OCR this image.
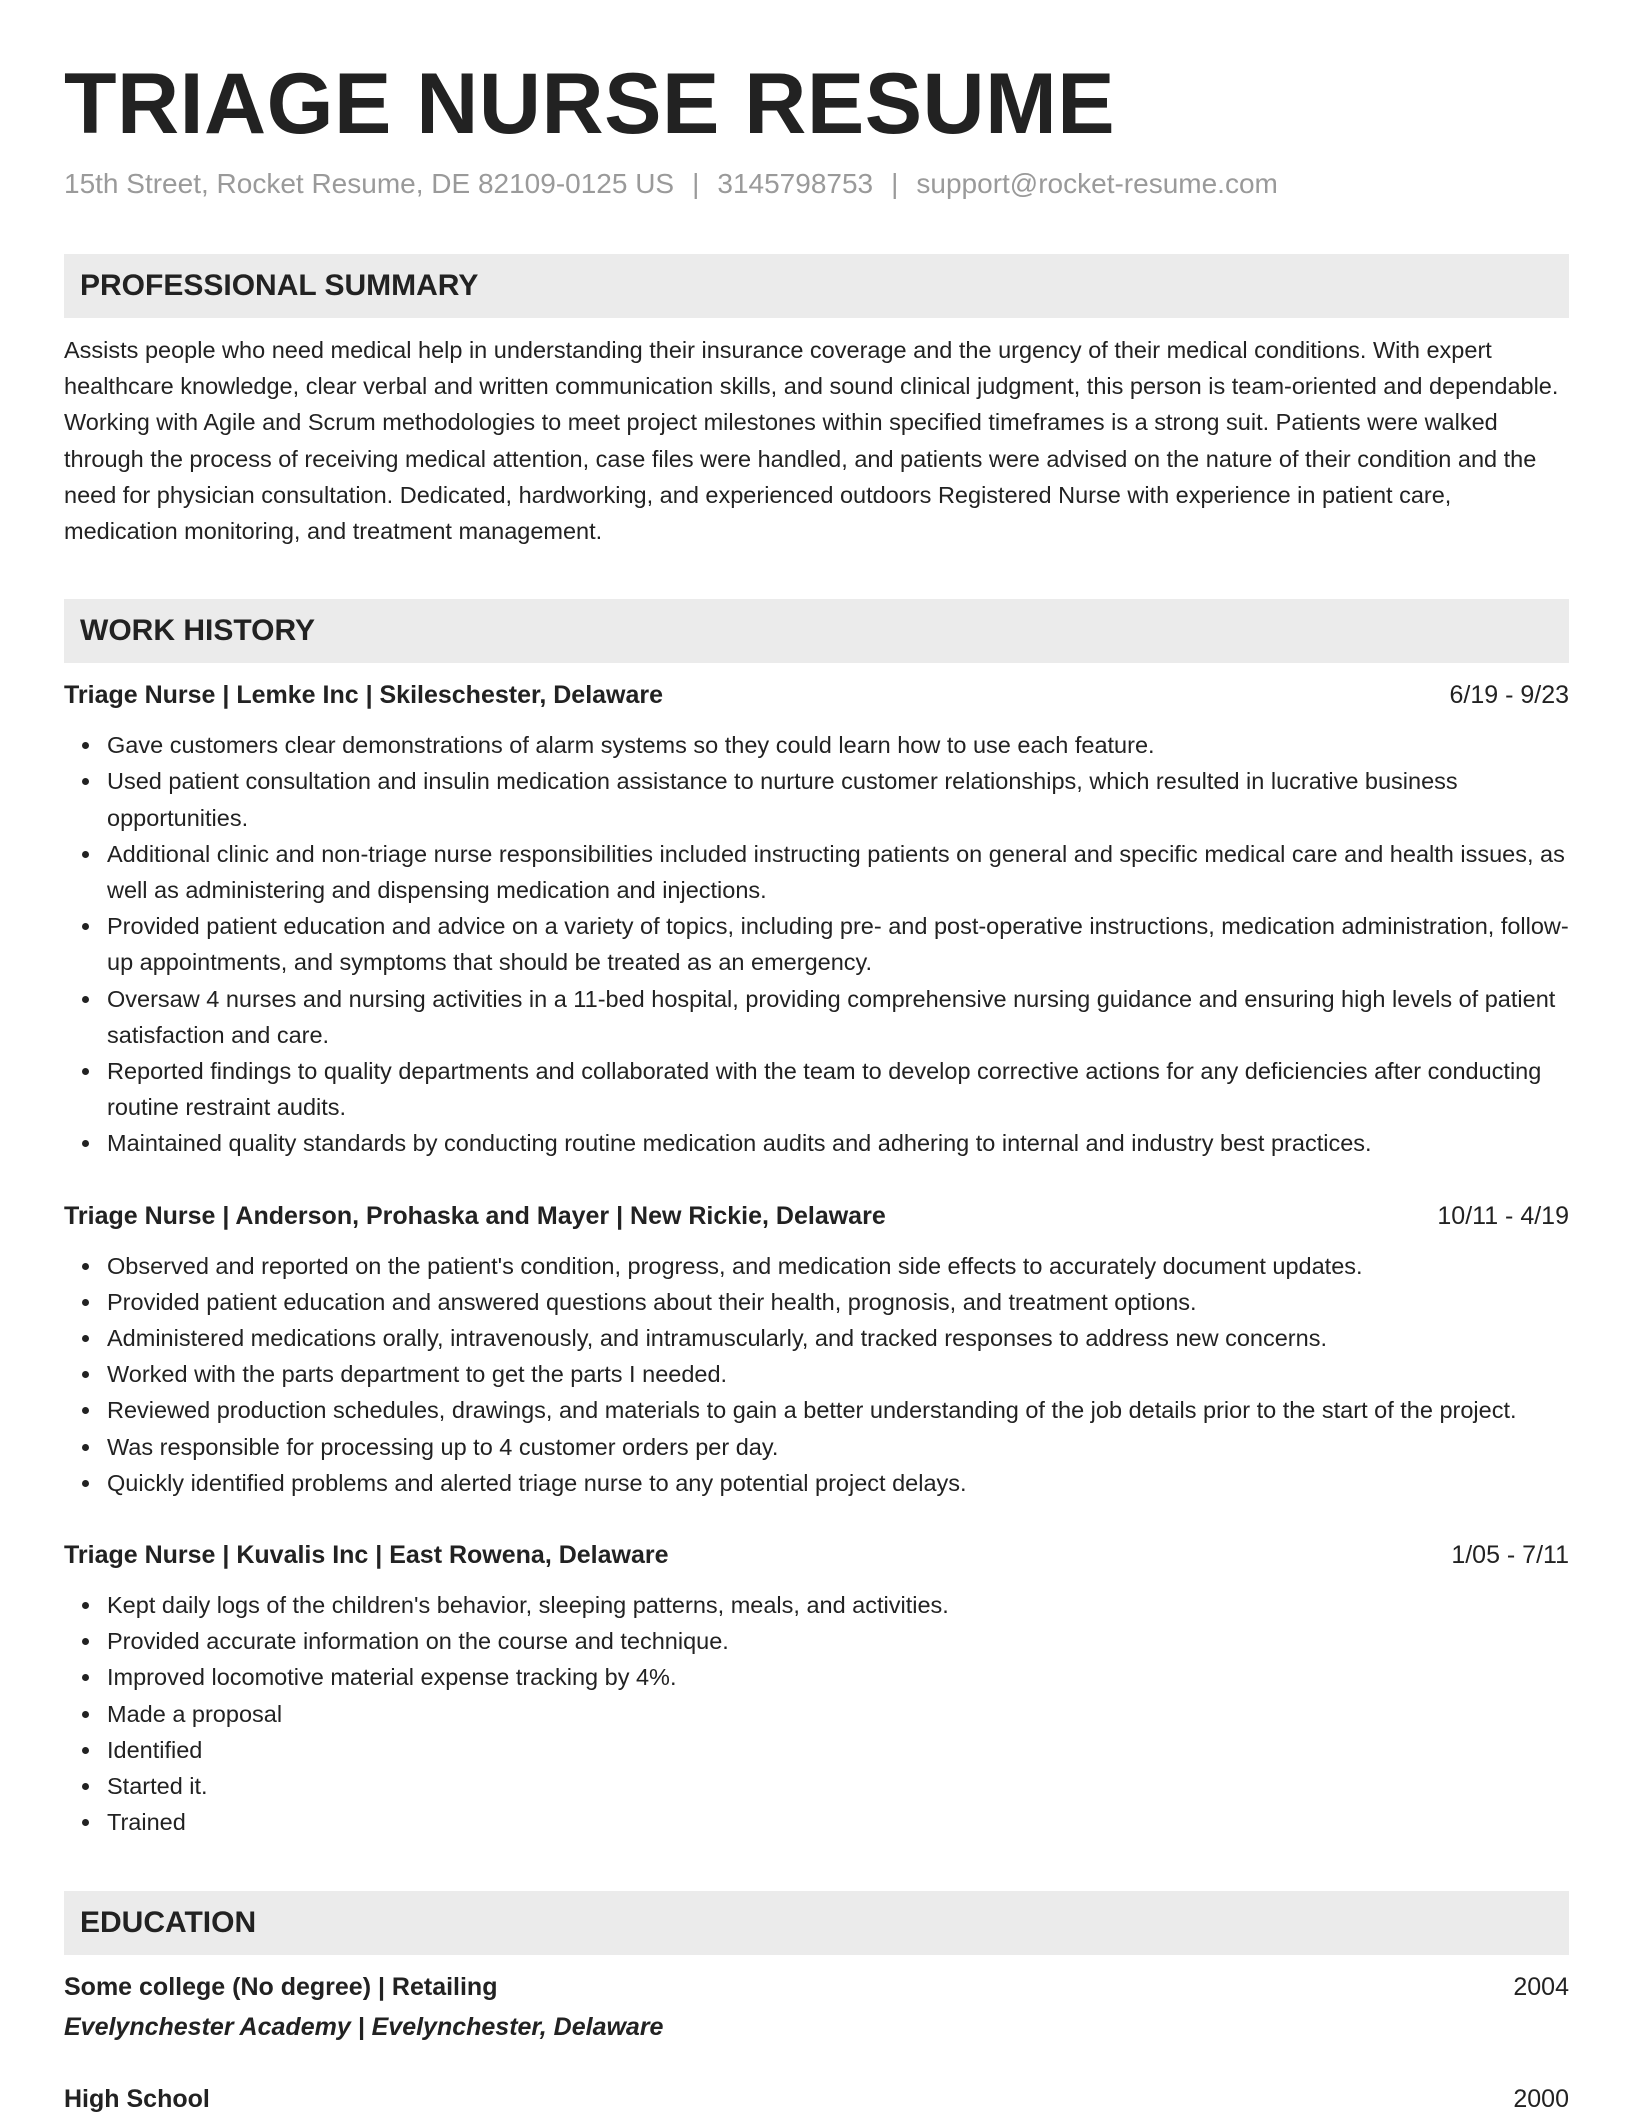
TRIAGE NURSE RESUME
15th Street, Rocket Resume, DE 82109-0125 US | 3145798753 | support@rocket-resume.com
PROFESSIONAL SUMMARY
Assists people who need medical help in understanding their insurance coverage and the urgency of their medical conditions. With expert healthcare knowledge, clear verbal and written communication skills, and sound clinical judgment, this person is team-oriented and dependable. Working with Agile and Scrum methodologies to meet project milestones within specified timeframes is a strong suit. Patients were walked through the process of receiving medical attention, case files were handled, and patients were advised on the nature of their condition and the need for physician consultation. Dedicated, hardworking, and experienced outdoors Registered Nurse with experience in patient care, medication monitoring, and treatment management.
WORK HISTORY
Triage Nurse | Lemke Inc | Skileschester, Delaware	6/19 - 9/23
Gave customers clear demonstrations of alarm systems so they could learn how to use each feature.
Used patient consultation and insulin medication assistance to nurture customer relationships, which resulted in lucrative business opportunities.
Additional clinic and non-triage nurse responsibilities included instructing patients on general and specific medical care and health issues, as well as administering and dispensing medication and injections.
Provided patient education and advice on a variety of topics, including pre- and post-operative instructions, medication administration, follow-up appointments, and symptoms that should be treated as an emergency.
Oversaw 4 nurses and nursing activities in a 11-bed hospital, providing comprehensive nursing guidance and ensuring high levels of patient satisfaction and care.
Reported findings to quality departments and collaborated with the team to develop corrective actions for any deficiencies after conducting routine restraint audits.
Maintained quality standards by conducting routine medication audits and adhering to internal and industry best practices.
Triage Nurse | Anderson, Prohaska and Mayer | New Rickie, Delaware	10/11 - 4/19
Observed and reported on the patient's condition, progress, and medication side effects to accurately document updates.
Provided patient education and answered questions about their health, prognosis, and treatment options.
Administered medications orally, intravenously, and intramuscularly, and tracked responses to address new concerns.
Worked with the parts department to get the parts I needed.
Reviewed production schedules, drawings, and materials to gain a better understanding of the job details prior to the start of the project.
Was responsible for processing up to 4 customer orders per day.
Quickly identified problems and alerted triage nurse to any potential project delays.
Triage Nurse | Kuvalis Inc | East Rowena, Delaware	1/05 - 7/11
Kept daily logs of the children's behavior, sleeping patterns, meals, and activities.
Provided accurate information on the course and technique.
Improved locomotive material expense tracking by 4%.
Made a proposal
Identified
Started it.
Trained
EDUCATION
Some college (No degree) | Retailing	2004
Evelynchester Academy | Evelynchester, Delaware
High School	2000
